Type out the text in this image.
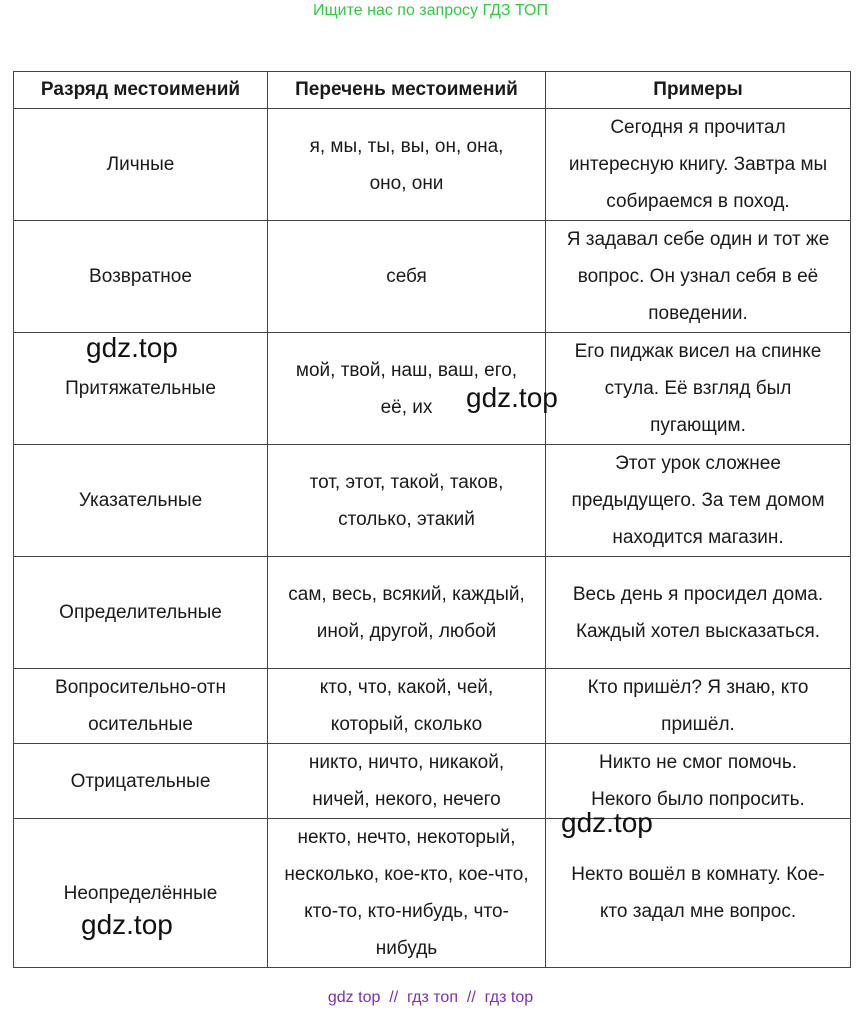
Ищите нас по запросу ГДЗ ТОП
Разряд местоимений	Перечень местоимений	Примеры
Личные	я, мы, ты, вы, он, она, оно, они	Сегодня я прочитал интересную книгу. Завтра мы собираемся в поход.

Возвратное	себя	Я задавал себе один и тот же вопрос. Он узнал себя в её поведении.

Притяжательные	мой, твой, наш, ваш, его, её, их	Его пиджак висел на спинке стула. Её взгляд был пугающим.

Указательные	тот, этот, такой, таков, столько, этакий	Этот урок сложнее предыдущего. За тем домом находится магазин.

Определительные	сам, весь, всякий, каждый, иной, другой, любой	Весь день я просидел дома. Каждый хотел высказаться.

Вопросительно-относительные	кто, что, какой, чей, который, сколько	Кто пришёл? Я знаю, кто пришёл.

Отрицательные	никто, ничто, никакой, ничей, некого, нечего	Никто не смог помочь. Некого было попросить.

Неопределённые	некто, нечто, некоторый, несколько, кое-кто, кое-что, кто-то, кто-нибудь, что-нибудь	Некто вошёл в комнату. Кое-кто задал мне вопрос.
gdz.top
gdz.top
gdz.top
gdz.top
gdz top  //  гдз топ  //  гдз top
